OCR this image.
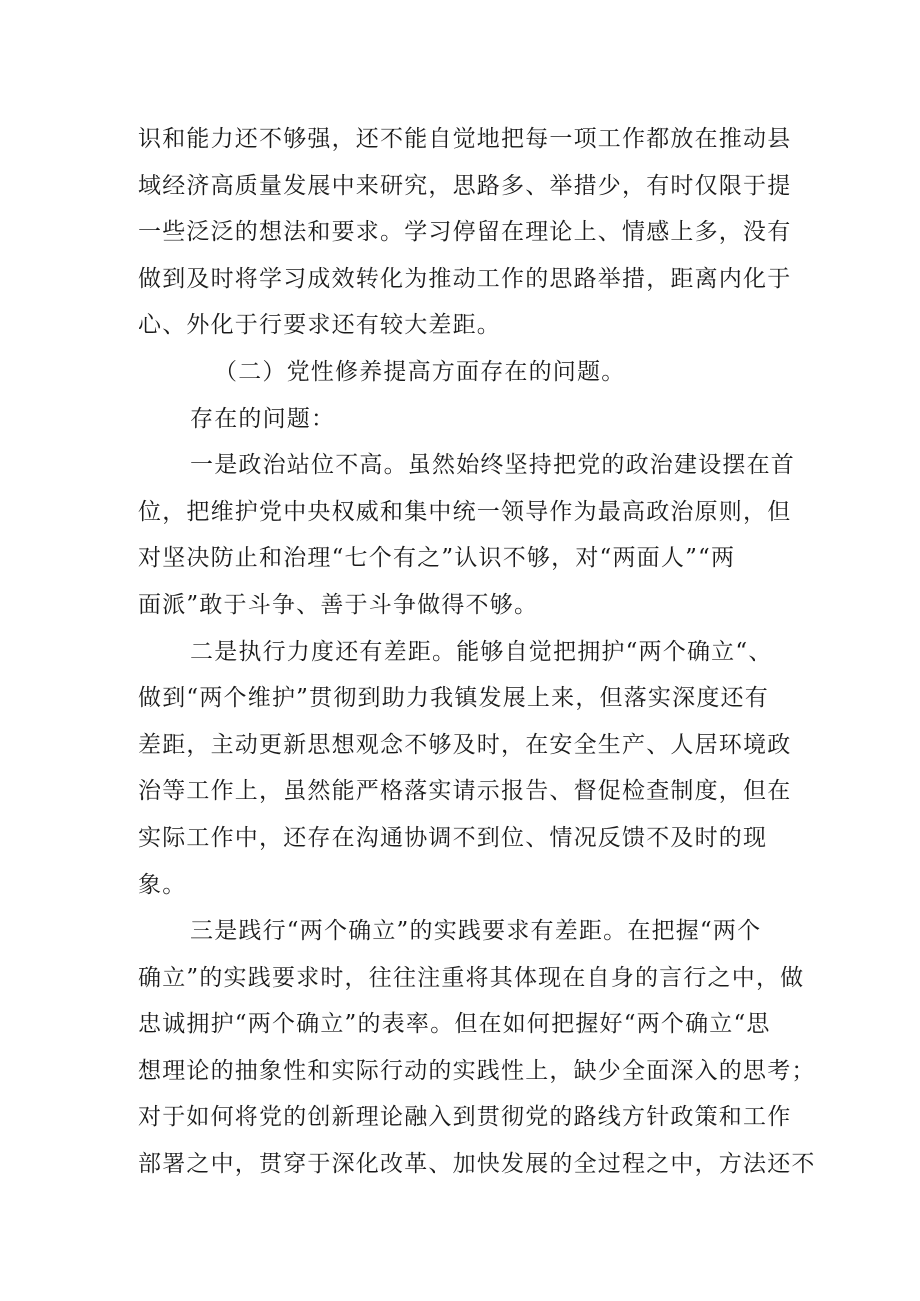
识和能力还不够强，还不能自觉地把每一项工作都放在推动县
域经济高质量发展中来研究，思路多、举措少，有时仅限于提
一些泛泛的想法和要求。学习停留在理论上、情感上多，没有
做到及时将学习成效转化为推动工作的思路举措，距离内化于
心、外化于行要求还有较大差距。
（二）党性修养提高方面存在的问题。
存在的问题：
一是政治站位不高。虽然始终坚持把党的政治建设摆在首
位，把维护党中央权威和集中统一领导作为最高政治原则，但
对坚决防止和治理“七个有之”认识不够，对“两面人”“两
面派”敢于斗争、善于斗争做得不够。
二是执行力度还有差距。能够自觉把拥护“两个确立“、
做到“两个维护”贯彻到助力我镇发展上来，但落实深度还有
差距，主动更新思想观念不够及时，在安全生产、人居环境政
治等工作上，虽然能严格落实请示报告、督促检查制度，但在
实际工作中，还存在沟通协调不到位、情况反馈不及时的现
象。
三是践行“两个确立”的实践要求有差距。在把握“两个
确立”的实践要求时，往往注重将其体现在自身的言行之中，做
忠诚拥护“两个确立”的表率。但在如何把握好“两个确立“思
想理论的抽象性和实际行动的实践性上，缺少全面深入的思考；
对于如何将党的创新理论融入到贯彻党的路线方针政策和工作
部署之中，贯穿于深化改革、加快发展的全过程之中，方法还不
